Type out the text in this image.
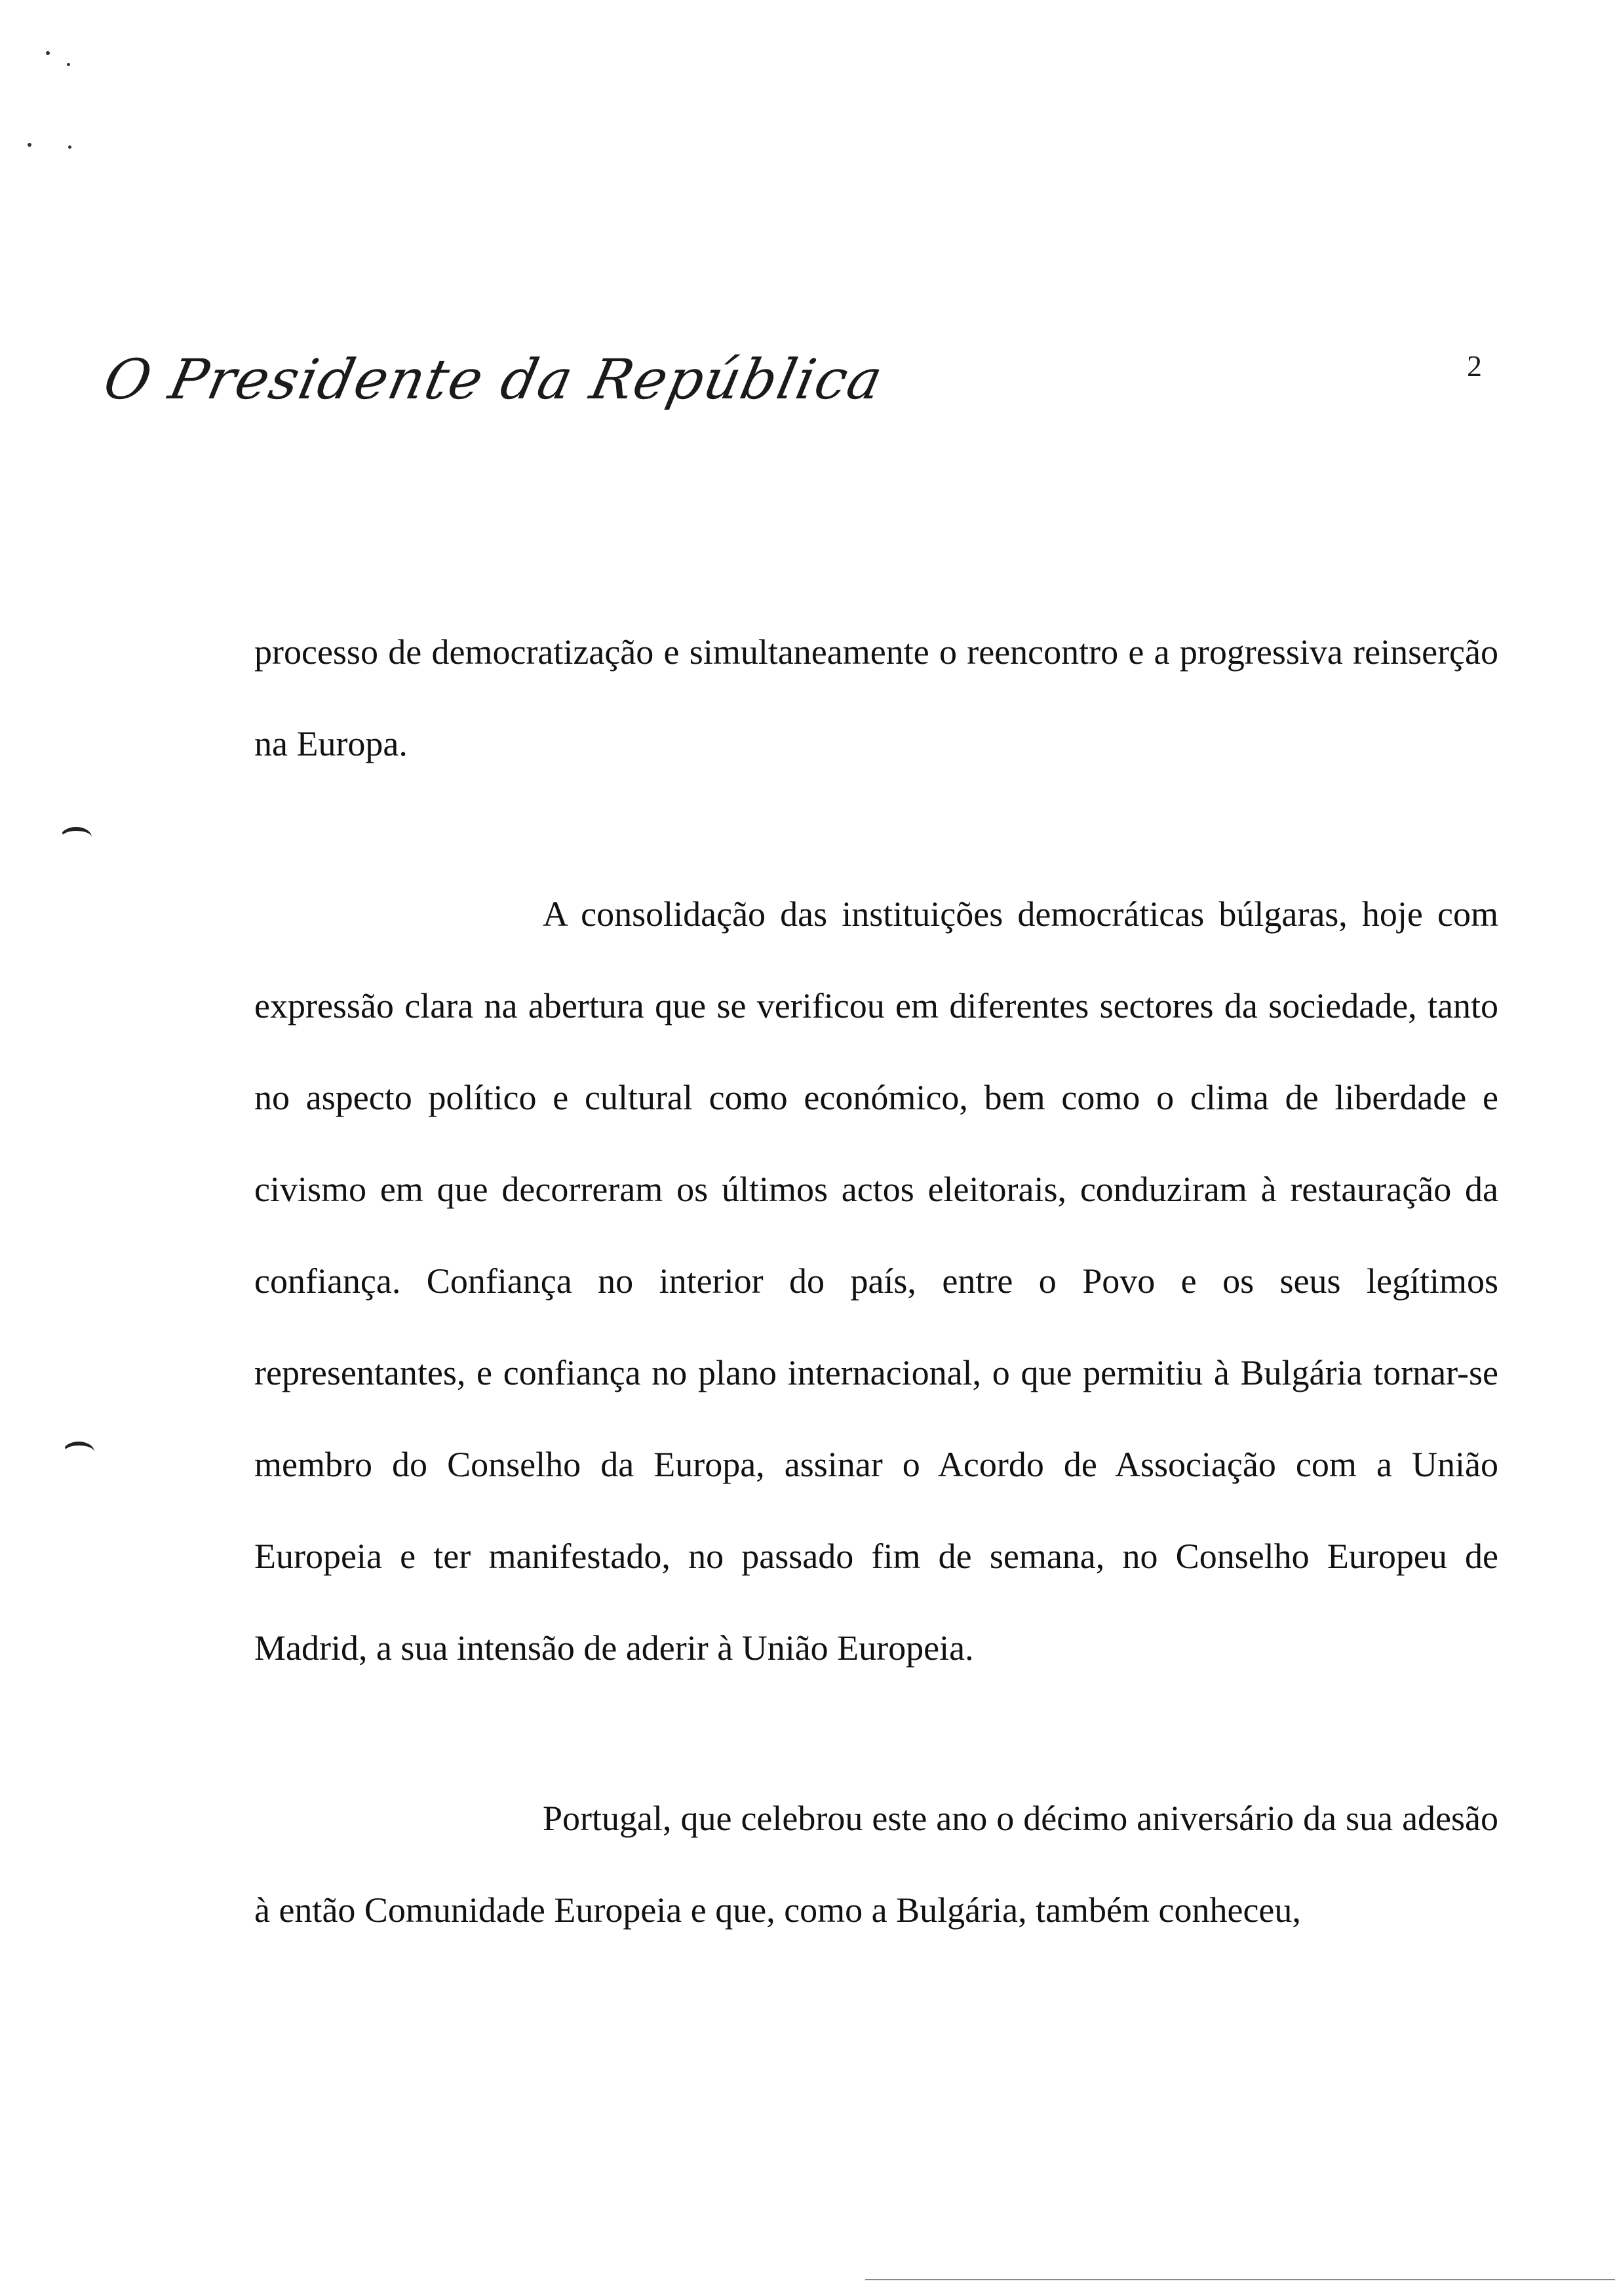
O Presidente da República	2

processo de democratização e simultaneamente o reencontro e a progressiva reinserção na Europa.

A consolidação das instituições democráticas búlgaras, hoje com expressão clara na abertura que se verificou em diferentes sectores da sociedade, tanto no aspecto político e cultural como económico, bem como o clima de liberdade e civismo em que decorreram os últimos actos eleitorais, conduziram à restauração da confiança. Confiança no interior do país, entre o Povo e os seus legítimos representantes, e confiança no plano internacional, o que permitiu à Bulgária tornar-se membro do Conselho da Europa, assinar o Acordo de Associação com a União Europeia e ter manifestado, no passado fim de semana, no Conselho Europeu de Madrid, a sua intensão de aderir à União Europeia.

Portugal, que celebrou este ano o décimo aniversário da sua adesão à então Comunidade Europeia e que, como a Bulgária, também conheceu,
